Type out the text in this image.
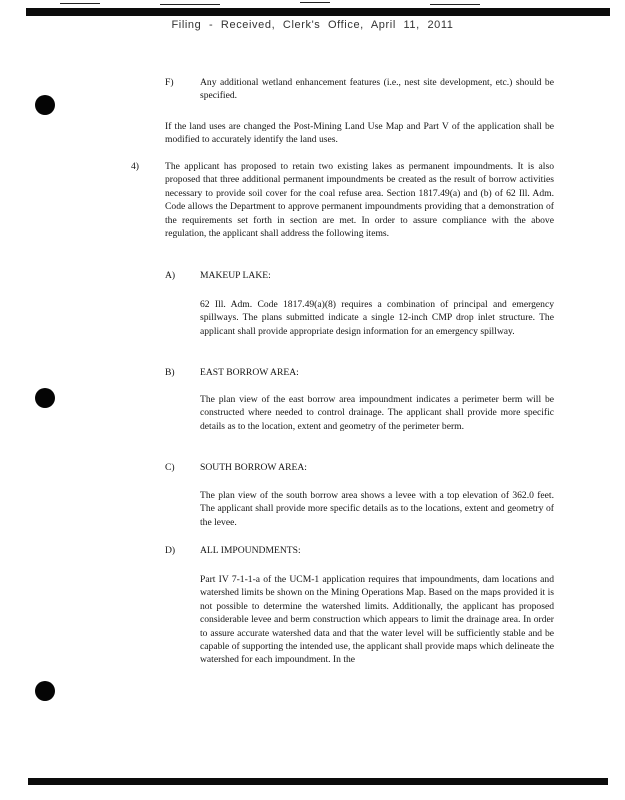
Filing - Received, Clerk's Office, April 11, 2011
F)	Any additional wetland enhancement features (i.e., nest site development, etc.) should be specified.
If the land uses are changed the Post-Mining Land Use Map and Part V of the application shall be modified to accurately identify the land uses.
4)	The applicant has proposed to retain two existing lakes as permanent impoundments. It is also proposed that three additional permanent impoundments be created as the result of borrow activities necessary to provide soil cover for the coal refuse area. Section 1817.49(a) and (b) of 62 Ill. Adm. Code allows the Department to approve permanent impoundments providing that a demonstration of the requirements set forth in section are met. In order to assure compliance with the above regulation, the applicant shall address the following items.
A)	MAKEUP LAKE:
62 Ill. Adm. Code 1817.49(a)(8) requires a combination of principal and emergency spillways. The plans submitted indicate a single 12-inch CMP drop inlet structure. The applicant shall provide appropriate design information for an emergency spillway.
B)	EAST BORROW AREA:
The plan view of the east borrow area impoundment indicates a perimeter berm will be constructed where needed to control drainage. The applicant shall provide more specific details as to the location, extent and geometry of the perimeter berm.
C)	SOUTH BORROW AREA:
The plan view of the south borrow area shows a levee with a top elevation of 362.0 feet. The applicant shall provide more specific details as to the locations, extent and geometry of the levee.
D)	ALL IMPOUNDMENTS:
Part IV 7-1-1-a of the UCM-1 application requires that impoundments, dam locations and watershed limits be shown on the Mining Operations Map. Based on the maps provided it is not possible to determine the watershed limits. Additionally, the applicant has proposed considerable levee and berm construction which appears to limit the drainage area. In order to assure accurate watershed data and that the water level will be sufficiently stable and be capable of supporting the intended use, the applicant shall provide maps which delineate the watershed for each impoundment. In the
